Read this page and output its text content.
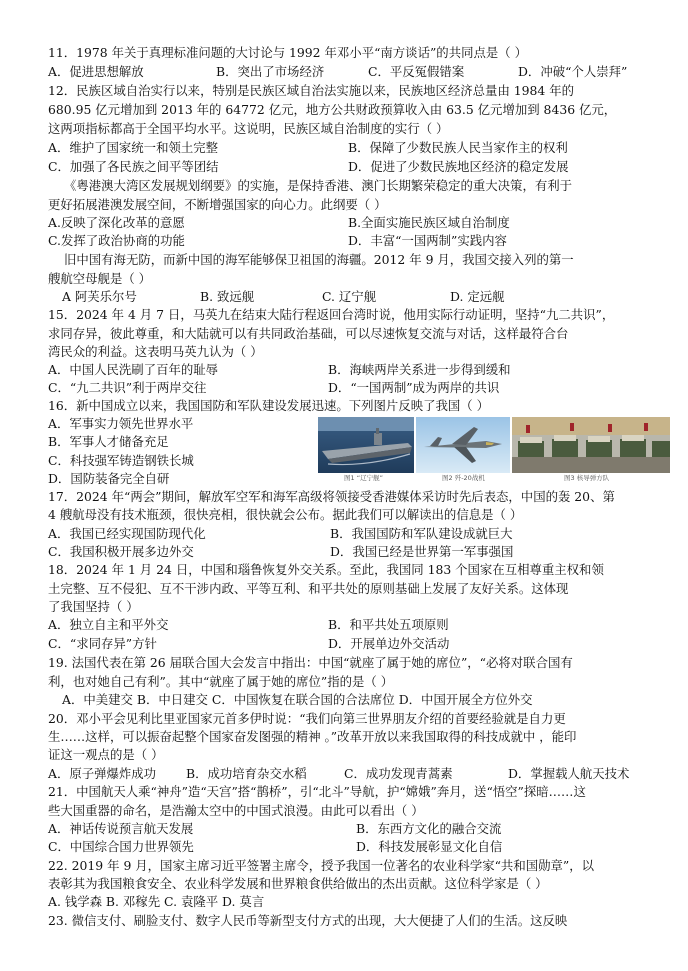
11．1978 年关于真理标准问题的大讨论与 1992 年邓小平“南方谈话”的共同点是（ ）
A．促进思想解放	B．突出了市场经济	C．平反冤假错案	D．冲破“个人崇拜”
12．民族区域自治实行以来，特别是民族区域自治法实施以来，民族地区经济总量由 1984 年的
680.95 亿元增加到 2013 年的 64772 亿元，地方公共财政预算收入由 63.5 亿元增加到 8436 亿元，
这两项指标都高于全国平均水平。这说明，民族区域自治制度的实行（ ）
A．维护了国家统一和领土完整	B．保障了少数民族人民当家作主的权利
C．加强了各民族之间平等团结	D．促进了少数民族地区经济的稳定发展
《粤港澳大湾区发展规划纲要》的实施，是保持香港、澳门长期繁荣稳定的重大决策，有利于
更好拓展港澳发展空间，不断增强国家的向心力。此纲要（ ）
A.反映了深化改革的意愿	B.全面实施民族区域自治制度
C.发挥了政治协商的功能	D．丰富“一国两制”实践内容
旧中国有海无防，而新中国的海军能够保卫祖国的海疆。2012 年 9 月，我国交接入列的第一
艘航空母舰是（ ）
A 阿芙乐尔号	B. 致远舰	C. 辽宁舰	D. 定远舰
15．2024 年 4 月 7 日，马英九在结束大陆行程返回台湾时说，他用实际行动证明，坚持“九二共识”，
求同存异，彼此尊重，和大陆就可以有共同政治基础，可以尽速恢复交流与对话，这样最符合台
湾民众的利益。这表明马英九认为（ ）
A．中国人民洗刷了百年的耻辱	B．海峡两岸关系进一步得到缓和
C．“九二共识”利于两岸交往	D．“一国两制”成为两岸的共识
16．新中国成立以来，我国国防和军队建设发展迅速。下列图片反映了我国（ ）
A．军事实力领先世界水平
B．军事人才储备充足
C．科技强军铸造钢铁长城
D．国防装备完全自研	图1 “辽宁舰”	图2 歼-20战机	图3 核导弹方队
17．2024 年“两会”期间，解放军空军和海军高级将领接受香港媒体采访时先后表态，中国的轰 20、第
4 艘航母没有技术瓶颈，很快亮相，很快就会公布。据此我们可以解读出的信息是（ ）
A．我国已经实现国防现代化	B．我国国防和军队建设成就巨大
C．我国积极开展多边外交	D．我国已经是世界第一军事强国
18．2024 年 1 月 24 日，中国和瑙鲁恢复外交关系。至此，我国同 183 个国家在互相尊重主权和领
土完整、互不侵犯、互不干涉内政、平等互利、和平共处的原则基础上发展了友好关系。这体现
了我国坚持（ ）
A．独立自主和平外交	B．和平共处五项原则
C．“求同存异”方针	D．开展单边外交活动
19. 法国代表在第 26 届联合国大会发言中指出：中国“就座了属于她的席位”，“必将对联合国有
利，也对她自己有利”。其中“就座了属于她的席位”指的是（ ）
A．中美建交 B．中日建交 C．中国恢复在联合国的合法席位 D．中国开展全方位外交
20．邓小平会见利比里亚国家元首多伊时说：“我们向第三世界朋友介绍的首要经验就是自力更
生……这样，可以振奋起整个国家奋发图强的精神 。”改革开放以来我国取得的科技成就中 ，能印
证这一观点的是（ ）
A．原子弹爆炸成功 B．成功培育杂交水稻	C．成功发现青蒿素	D．掌握载人航天技术
21．中国航天人乘“神舟”造“天宫”搭“鹊桥”，引“北斗”导航，护“嫦娥”奔月，送“悟空”探暗……这
些大国重器的命名，是浩瀚太空中的中国式浪漫。由此可以看出（ ）
A．神话传说预言航天发展	B．东西方文化的融合交流
C．中国综合国力世界领先	D．科技发展彰显文化自信
22. 2019 年 9 月，国家主席习近平签署主席令，授予我国一位著名的农业科学家“共和国勋章”，以
表彰其为我国粮食安全、农业科学发展和世界粮食供给做出的杰出贡献。这位科学家是（ ）
A. 钱学森 B. 邓稼先 C. 袁隆平 D. 莫言
23. 微信支付、刷脸支付、数字人民币等新型支付方式的出现，大大便捷了人们的生活。这反映
